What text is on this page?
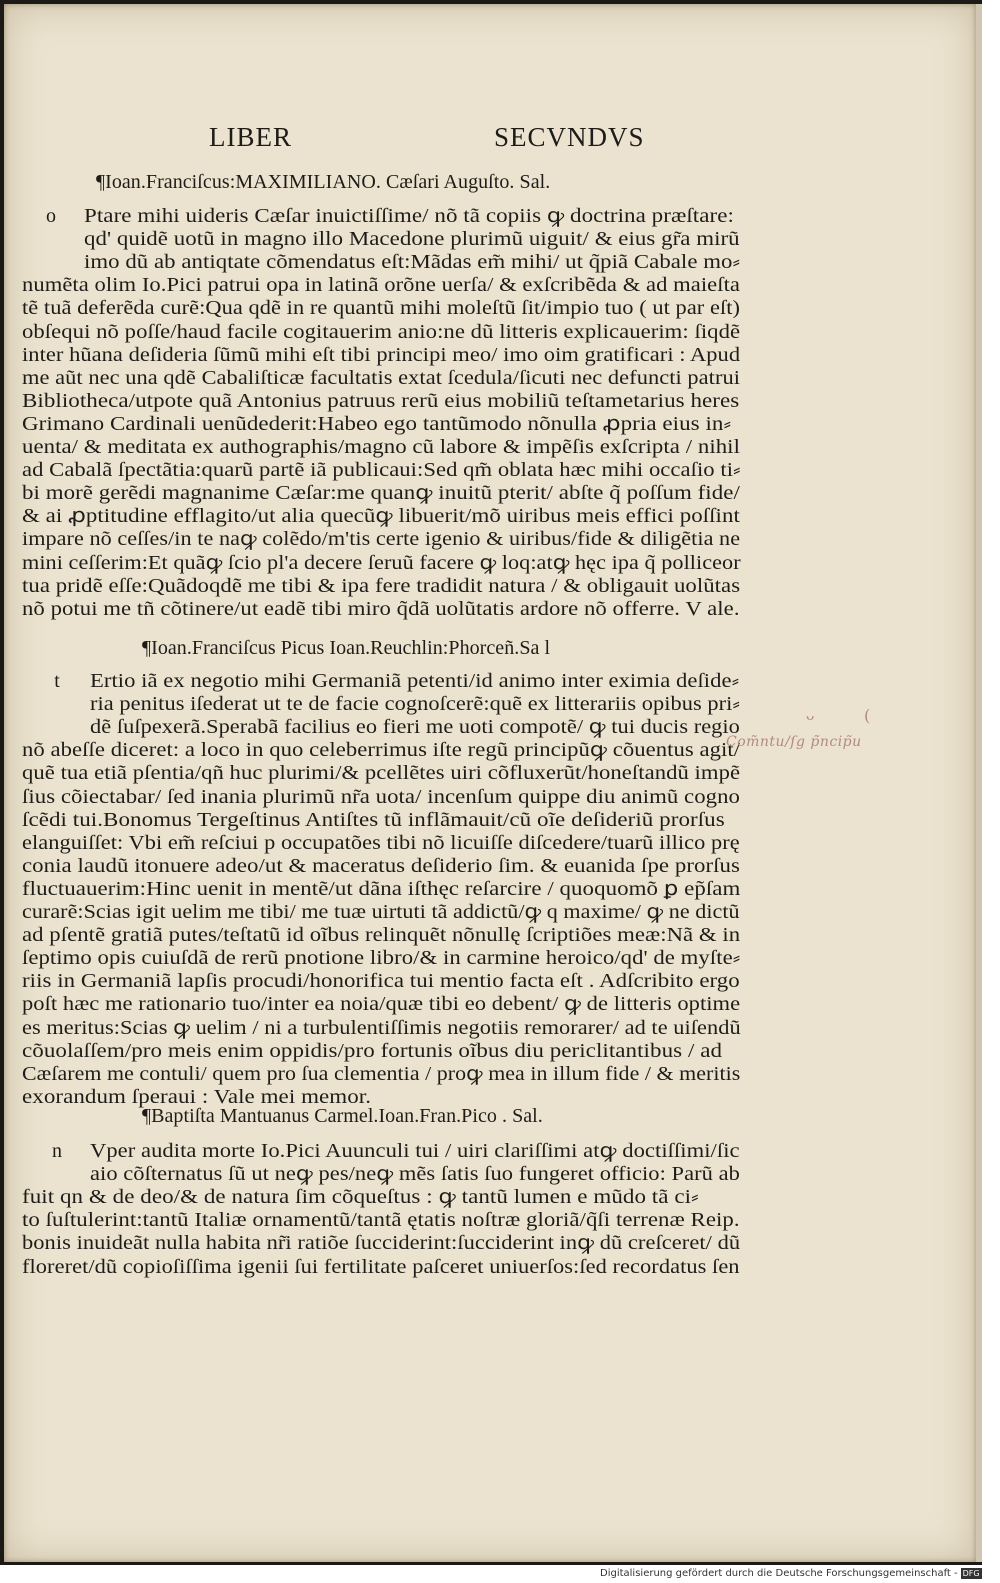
LIBER	SECVNDVS
¶Ioan.Franciſcus:MAXIMILIANO. Cæſari Auguſto. Sal.
o Ptare mihi uideris Cæſar inuictiſſime/ nõ tã copiis ꝙ doctrina præſtare:
qd' quidẽ uotũ in magno illo Macedone plurimũ uiguit/ & eius gr̃a mirũ
imo dũ ab antiqtate cõmendatus eſt:Mãdas em̃ mihi/ ut q̃piã Cabale mo⸗
numẽta olim Io.Pici patrui opa in latinã orõne uerſa/ & exſcribẽda & ad maieſta
tẽ tuã deferẽda curẽ:Qua qdẽ in re quantũ mihi moleſtũ ſit/impio tuo ( ut par eſt)
obſequi nõ poſſe/haud facile cogitauerim anio:ne dũ litteris explicauerim: ſiqdẽ
inter hũana deſideria ſũmũ mihi eſt tibi principi meo/ imo oim gratificari : Apud
me aũt nec una qdẽ Cabaliſticæ facultatis extat ſcedula/ſicuti nec defuncti patrui
Bibliotheca/utpote quã Antonius patruus rerũ eius mobiliũ teſtametarius heres
Grimano Cardinali uenũdederit:Habeo ego tantũmodo nõnulla ꝓpria eius in⸗
uenta/ & meditata ex authographis/magno cũ labore & impẽſis exſcripta / nihil
ad Cabalã ſpectãtia:quarũ partẽ iã publicaui:Sed qm̃ oblata hæc mihi occaſio ti⸗
bi morẽ gerẽdi magnanime Cæſar:me quanꝙ inuitũ pterit/ abſte q̃ poſſum fide/
& ai ꝓptitudine efflagito/ut alia quecũꝙ libuerit/mõ uiribus meis effici poſſint
impare nõ ceſſes/in te naꝙ colẽdo/m'tis certe igenio & uiribus/fide & diligẽtia ne
mini ceſſerim:Et quãꝙ ſcio pl'a decere ſeruũ facere ꝙ loq:atꝙ hęc ipa q̃ polliceor
tua pridẽ eſſe:Quãdoqdẽ me tibi & ipa fere tradidit natura / & obligauit uolũtas
nõ potui me tñ cõtinere/ut eadẽ tibi miro q̃dã uolũtatis ardore nõ offerre. V ale.
¶Ioan.Franciſcus Picus Ioan.Reuchlin:Phorceñ.Sa l
t	Ertio iã ex negotio mihi Germaniã petenti/id animo inter eximia deſide⸗
ria penitus iſederat ut te de facie cognoſcerẽ:quẽ ex litterariis opibus pri⸗
dẽ ſuſpexerã.Sperabã facilius eo fieri me uoti compotẽ/ ꝙ tui ducis regio
nõ abeſſe diceret: a loco in quo celeberrimus iſte regũ principũꝙ cõuentus agit/
quẽ tua etiã pſentia/qñ huc plurimi/& pcellẽtes uiri cõfluxerũt/honeſtandũ impẽ
ſius cõiectabar/ ſed inania plurimũ nr̃a uota/ incenſum quippe diu animũ cogno
ſcẽdi tui.Bonomus Tergeſtinus Antiſtes tũ inflãmauit/cũ oĩe deſideriũ prorſus
elanguiſſet: Vbi em̃ reſciui p occupatões tibi nõ licuiſſe diſcedere/tuarũ illico prę
conia laudũ itonuere adeo/ut & maceratus deſiderio ſim. & euanida ſpe prorſus
fluctuauerim:Hinc uenit in mentẽ/ut dãna iſthęc reſarcire / quoquomõ ꝑ ep̃ſam
curarẽ:Scias igit uelim me tibi/ me tuæ uirtuti tã addictũ/ꝙ q maxime/ ꝙ ne dictũ
ad pſentẽ gratiã putes/teſtatũ id oĩbus relinquẽt nõnullę ſcriptiões meæ:Nã & in
ſeptimo opis cuiuſdã de rerũ pnotione libro/& in carmine heroico/qd' de myſte⸗
riis in Germaniã lapſis procudi/honorifica tui mentio facta eſt . Adſcribito ergo
poſt hæc me rationario tuo/inter ea noia/quæ tibi eo debent/ ꝙ de litteris optime
es meritus:Scias ꝙ uelim / ni a turbulentiſſimis negotiis remorarer/ ad te uiſendũ
cõuolaſſem/pro meis enim oppidis/pro fortunis oĩbus diu periclitantibus / ad
Cæſarem me contuli/ quem pro ſua clementia / proꝙ mea in illum fide / & meritis
exorandum ſperaui : Vale mei memor.
¶Baptiſta Mantuanus Carmel.Ioan.Fran.Pico . Sal.
n Vper audita morte Io.Pici Auunculi tui / uiri clariſſimi atꝙ doctiſſimi/ſic
aio cõſternatus ſũ ut neꝙ pes/neꝙ mẽs ſatis ſuo fungeret officio: Parũ ab
fuit qn & de deo/& de natura ſim cõqueſtus : ꝙ tantũ lumen e mũdo tã ci⸗
to ſuſtulerint:tantũ Italiæ ornamentũ/tantã ętatis noſtræ gloriã/q̃ſi terrenæ Reip.
bonis inuideãt nulla habita nr̃i ratiõe ſucciderint:ſucciderint inꝙ dũ creſceret/ dũ
floreret/dũ copioſiſſima igenii ſui fertilitate paſceret uniuerſos:ſed recordatus ſen
ᴗ	(
Com̃ntu/ſg p̃ncip̃u
Digitalisierung gefördert durch die Deutsche Forschungsgemeinschaft - DFG
